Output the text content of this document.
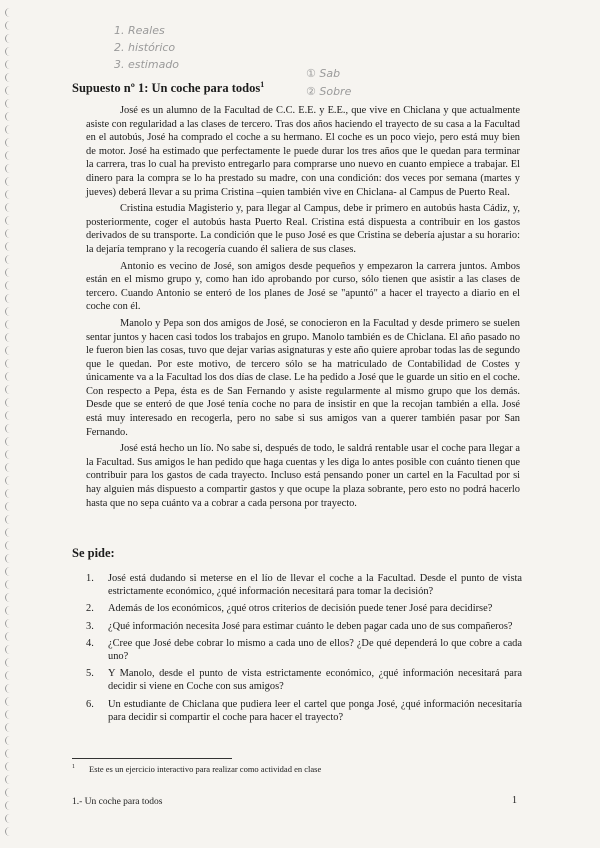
1. Reales
2. histórico
3. estimado
① Sab
② Sobre
Supuesto nº 1: Un coche para todos$^1$

José es un alumno de la Facultad de C.C. E.E. y E.E., que vive en Chiclana y que actualmente asiste con regularidad a las clases de tercero. Tras dos años haciendo el trayecto de su casa a la Facultad en el autobús, José ha comprado el coche a su hermano. El coche es un poco viejo, pero está muy bien de motor. José ha estimado que perfectamente le puede durar los tres años que le quedan para terminar la carrera, tras lo cual ha previsto entregarlo para comprarse uno nuevo en cuanto empiece a trabajar. El dinero para la compra se lo ha prestado su madre, con una condición: dos veces por semana (martes y jueves) deberá llevar a su prima Cristina –quien también vive en Chiclana- al Campus de Puerto Real.

Cristina estudia Magisterio y, para llegar al Campus, debe ir primero en autobús hasta Cádiz, y, posteriormente, coger el autobús hasta Puerto Real. Cristina está dispuesta a contribuir en los gastos derivados de su transporte. La condición que le puso José es que Cristina se debería ajustar a su horario: la dejaría temprano y la recogería cuando él saliera de sus clases.

Antonio es vecino de José, son amigos desde pequeños y empezaron la carrera juntos. Ambos están en el mismo grupo y, como han ido aprobando por curso, sólo tienen que asistir a las clases de tercero. Cuando Antonio se enteró de los planes de José se "apuntó" a hacer el trayecto a diario en el coche con él.

Manolo y Pepa son dos amigos de José, se conocieron en la Facultad y desde primero se suelen sentar juntos y hacen casi todos los trabajos en grupo. Manolo también es de Chiclana. El año pasado no le fueron bien las cosas, tuvo que dejar varias asignaturas y este año quiere aprobar todas las de segundo que le quedan. Por este motivo, de tercero sólo se ha matriculado de Contabilidad de Costes y únicamente va a la Facultad los dos días de clase. Le ha pedido a José que le guarde un sitio en el coche. Con respecto a Pepa, ésta es de San Fernando y asiste regularmente al mismo grupo que los demás. Desde que se enteró de que José tenía coche no para de insistir en que la recojan también a ella. José está muy interesado en recogerla, pero no sabe si sus amigos van a querer también pasar por San Fernando.

José está hecho un lío. No sabe si, después de todo, le saldrá rentable usar el coche para llegar a la Facultad. Sus amigos le han pedido que haga cuentas y les diga lo antes posible con cuánto tienen que contribuir para los gastos de cada trayecto. Incluso está pensando poner un cartel en la Facultad por si hay alguien más dispuesto a compartir gastos y que ocupe la plaza sobrante, pero esto no podrá hacerlo hasta que no sepa cuánto va a cobrar a cada persona por trayecto.

Se pide:
1. José está dudando si meterse en el lío de llevar el coche a la Facultad. Desde el punto de vista estrictamente económico, ¿qué información necesitará para tomar la decisión?
2. Además de los económicos, ¿qué otros criterios de decisión puede tener José para decidirse?
3. ¿Qué información necesita José para estimar cuánto le deben pagar cada uno de sus compañeros?
4. ¿Cree que José debe cobrar lo mismo a cada uno de ellos? ¿De qué dependerá lo que cobre a cada uno?
5. Y Manolo, desde el punto de vista estrictamente económico, ¿qué información necesitará para decidir si viene en Coche con sus amigos?
6. Un estudiante de Chiclana que pudiera leer el cartel que ponga José, ¿qué información necesitaría para decidir si compartir el coche para hacer el trayecto?
$^1$ Este es un ejercicio interactivo para realizar como actividad en clase
1.- Un coche para todos	1
